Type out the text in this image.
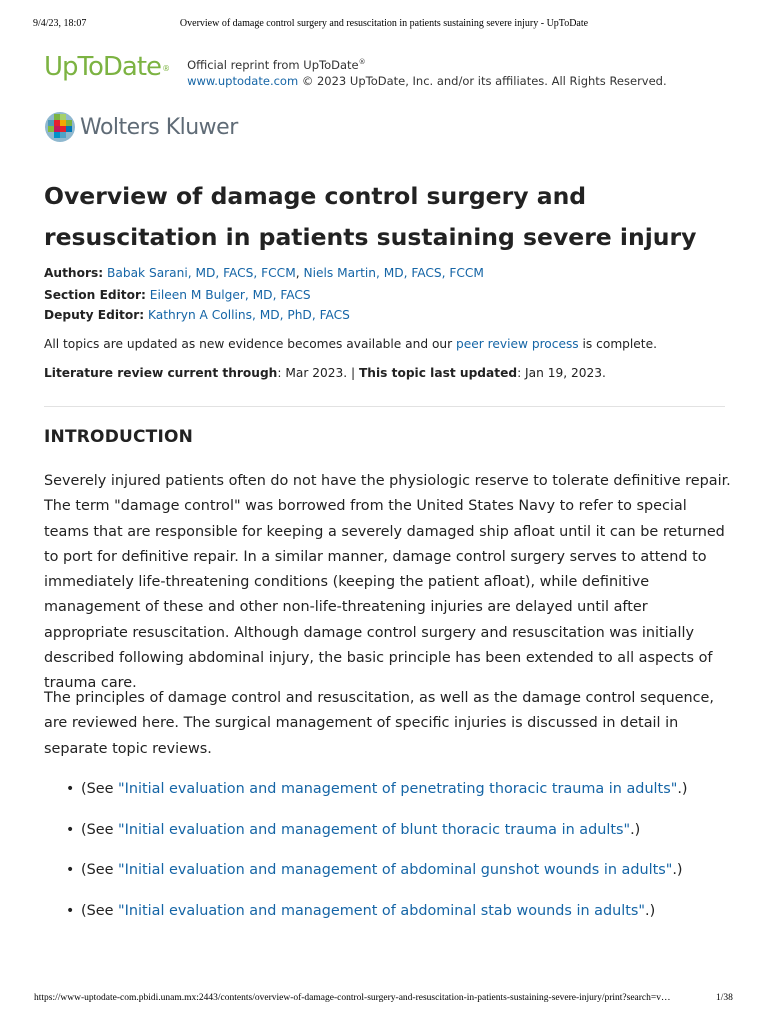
9/4/23, 18:07	Overview of damage control surgery and resuscitation in patients sustaining severe injury - UpToDate
UpToDate ® Official reprint from UpToDate®
www.uptodate.com © 2023 UpToDate, Inc. and/or its affiliates. All Rights Reserved.
Wolters Kluwer
Overview of damage control surgery and resuscitation in patients sustaining severe injury
Authors: Babak Sarani, MD, FACS, FCCM, Niels Martin, MD, FACS, FCCM
Section Editor: Eileen M Bulger, MD, FACS
Deputy Editor: Kathryn A Collins, MD, PhD, FACS
All topics are updated as new evidence becomes available and our peer review process is complete.
Literature review current through: Mar 2023. | This topic last updated: Jan 19, 2023.
INTRODUCTION

Severely injured patients often do not have the physiologic reserve to tolerate definitive repair. The term "damage control" was borrowed from the United States Navy to refer to special teams that are responsible for keeping a severely damaged ship afloat until it can be returned to port for definitive repair. In a similar manner, damage control surgery serves to attend to immediately life-threatening conditions (keeping the patient afloat), while definitive management of these and other non-life-threatening injuries are delayed until after appropriate resuscitation. Although damage control surgery and resuscitation was initially described following abdominal injury, the basic principle has been extended to all aspects of trauma care.

The principles of damage control and resuscitation, as well as the damage control sequence, are reviewed here. The surgical management of specific injuries is discussed in detail in separate topic reviews.

• (See "Initial evaluation and management of penetrating thoracic trauma in adults".)
• (See "Initial evaluation and management of blunt thoracic trauma in adults".)
• (See "Initial evaluation and management of abdominal gunshot wounds in adults".)
• (See "Initial evaluation and management of abdominal stab wounds in adults".)
https://www-uptodate-com.pbidi.unam.mx:2443/contents/overview-of-damage-control-surgery-and-resuscitation-in-patients-sustaining-severe-injury/print?search=v…	1/38
